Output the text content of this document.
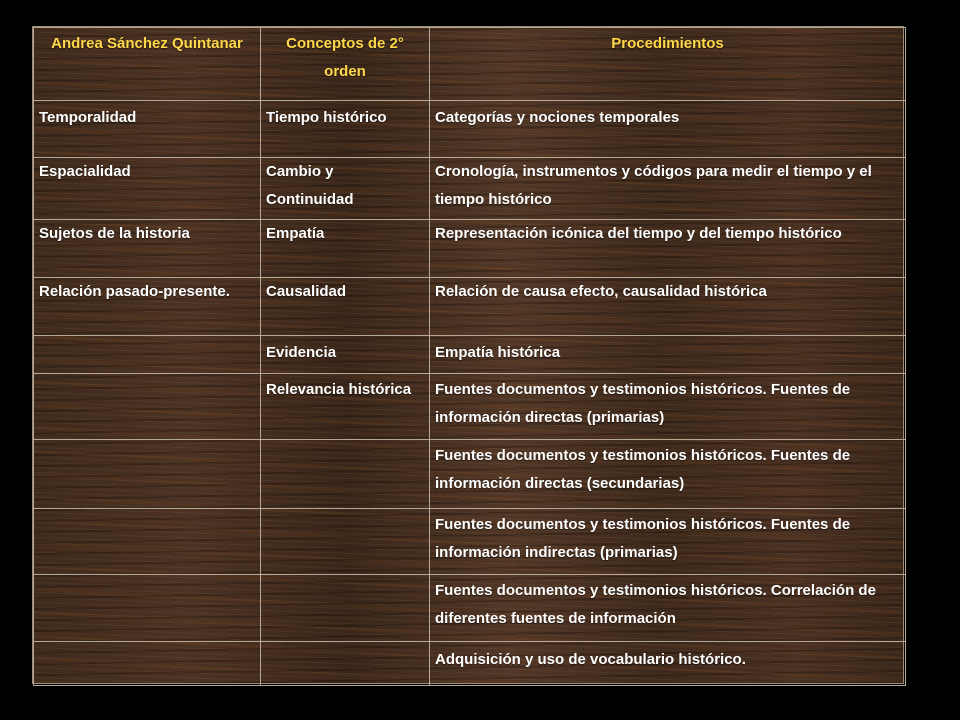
Andrea Sánchez Quintanar	Conceptos de 2° orden	Procedimientos
Temporalidad	Tiempo histórico	Categorías y nociones temporales
Espacialidad	Cambio y Continuidad	Cronología, instrumentos y códigos para medir el tiempo y el tiempo histórico
Sujetos de la historia	Empatía	Representación icónica del tiempo y del tiempo histórico
Relación pasado-presente.	Causalidad	Relación de causa efecto, causalidad histórica
	Evidencia	Empatía histórica
	Relevancia histórica	Fuentes documentos y testimonios históricos. Fuentes de información directas (primarias)
		Fuentes documentos y testimonios históricos. Fuentes de información directas (secundarias)
		Fuentes documentos y testimonios históricos. Fuentes de información indirectas (primarias)
		Fuentes documentos y testimonios históricos. Correlación de diferentes fuentes de información
		Adquisición y uso de vocabulario histórico.
